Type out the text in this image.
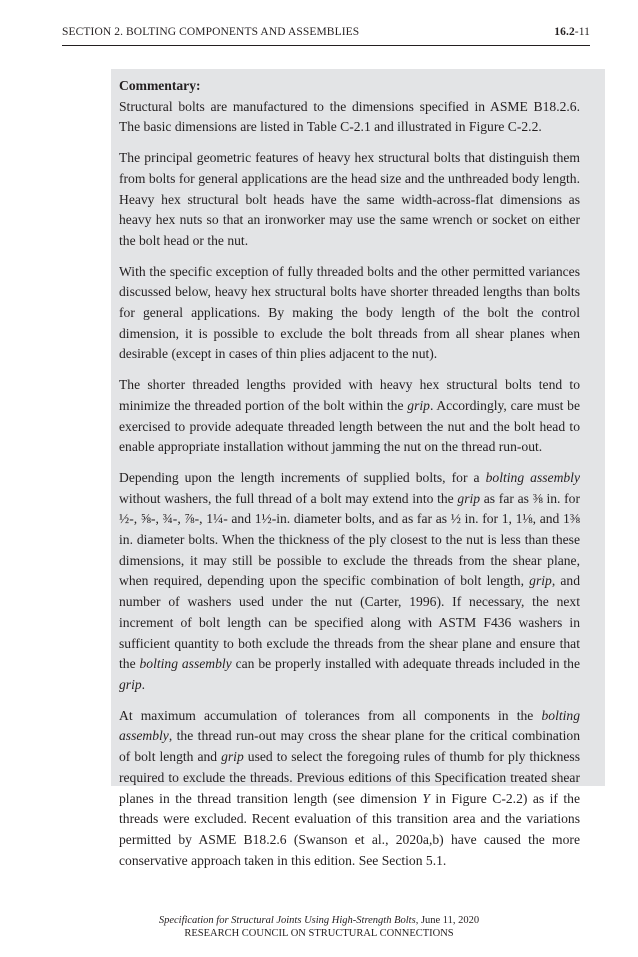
SECTION 2. BOLTING COMPONENTS AND ASSEMBLIES	16.2-11
Commentary:

Structural bolts are manufactured to the dimensions specified in ASME B18.2.6. The basic dimensions are listed in Table C-2.1 and illustrated in Figure C-2.2.

The principal geometric features of heavy hex structural bolts that distinguish them from bolts for general applications are the head size and the unthreaded body length. Heavy hex structural bolt heads have the same width-across-flat dimensions as heavy hex nuts so that an ironworker may use the same wrench or socket on either the bolt head or the nut.

With the specific exception of fully threaded bolts and the other permitted variances discussed below, heavy hex structural bolts have shorter threaded lengths than bolts for general applications. By making the body length of the bolt the control dimension, it is possible to exclude the bolt threads from all shear planes when desirable (except in cases of thin plies adjacent to the nut).

The shorter threaded lengths provided with heavy hex structural bolts tend to minimize the threaded portion of the bolt within the grip. Accordingly, care must be exercised to provide adequate threaded length between the nut and the bolt head to enable appropriate installation without jamming the nut on the thread run-out.

Depending upon the length increments of supplied bolts, for a bolting assembly without washers, the full thread of a bolt may extend into the grip as far as ⅜ in. for ½-, ⅝-, ¾-, ⅞-, 1¼- and 1½-in. diameter bolts, and as far as ½ in. for 1, 1⅛, and 1⅜ in. diameter bolts. When the thickness of the ply closest to the nut is less than these dimensions, it may still be possible to exclude the threads from the shear plane, when required, depending upon the specific combination of bolt length, grip, and number of washers used under the nut (Carter, 1996). If necessary, the next increment of bolt length can be specified along with ASTM F436 washers in sufficient quantity to both exclude the threads from the shear plane and ensure that the bolting assembly can be properly installed with adequate threads included in the grip.

At maximum accumulation of tolerances from all components in the bolting assembly, the thread run-out may cross the shear plane for the critical combination of bolt length and grip used to select the foregoing rules of thumb for ply thickness required to exclude the threads. Previous editions of this Specification treated shear planes in the thread transition length (see dimension Y in Figure C-2.2) as if the threads were excluded. Recent evaluation of this transition area and the variations permitted by ASME B18.2.6 (Swanson et al., 2020a,b) have caused the more conservative approach taken in this edition. See Section 5.1.

Specification for Structural Joints Using High-Strength Bolts, June 11, 2020
RESEARCH COUNCIL ON STRUCTURAL CONNECTIONS
